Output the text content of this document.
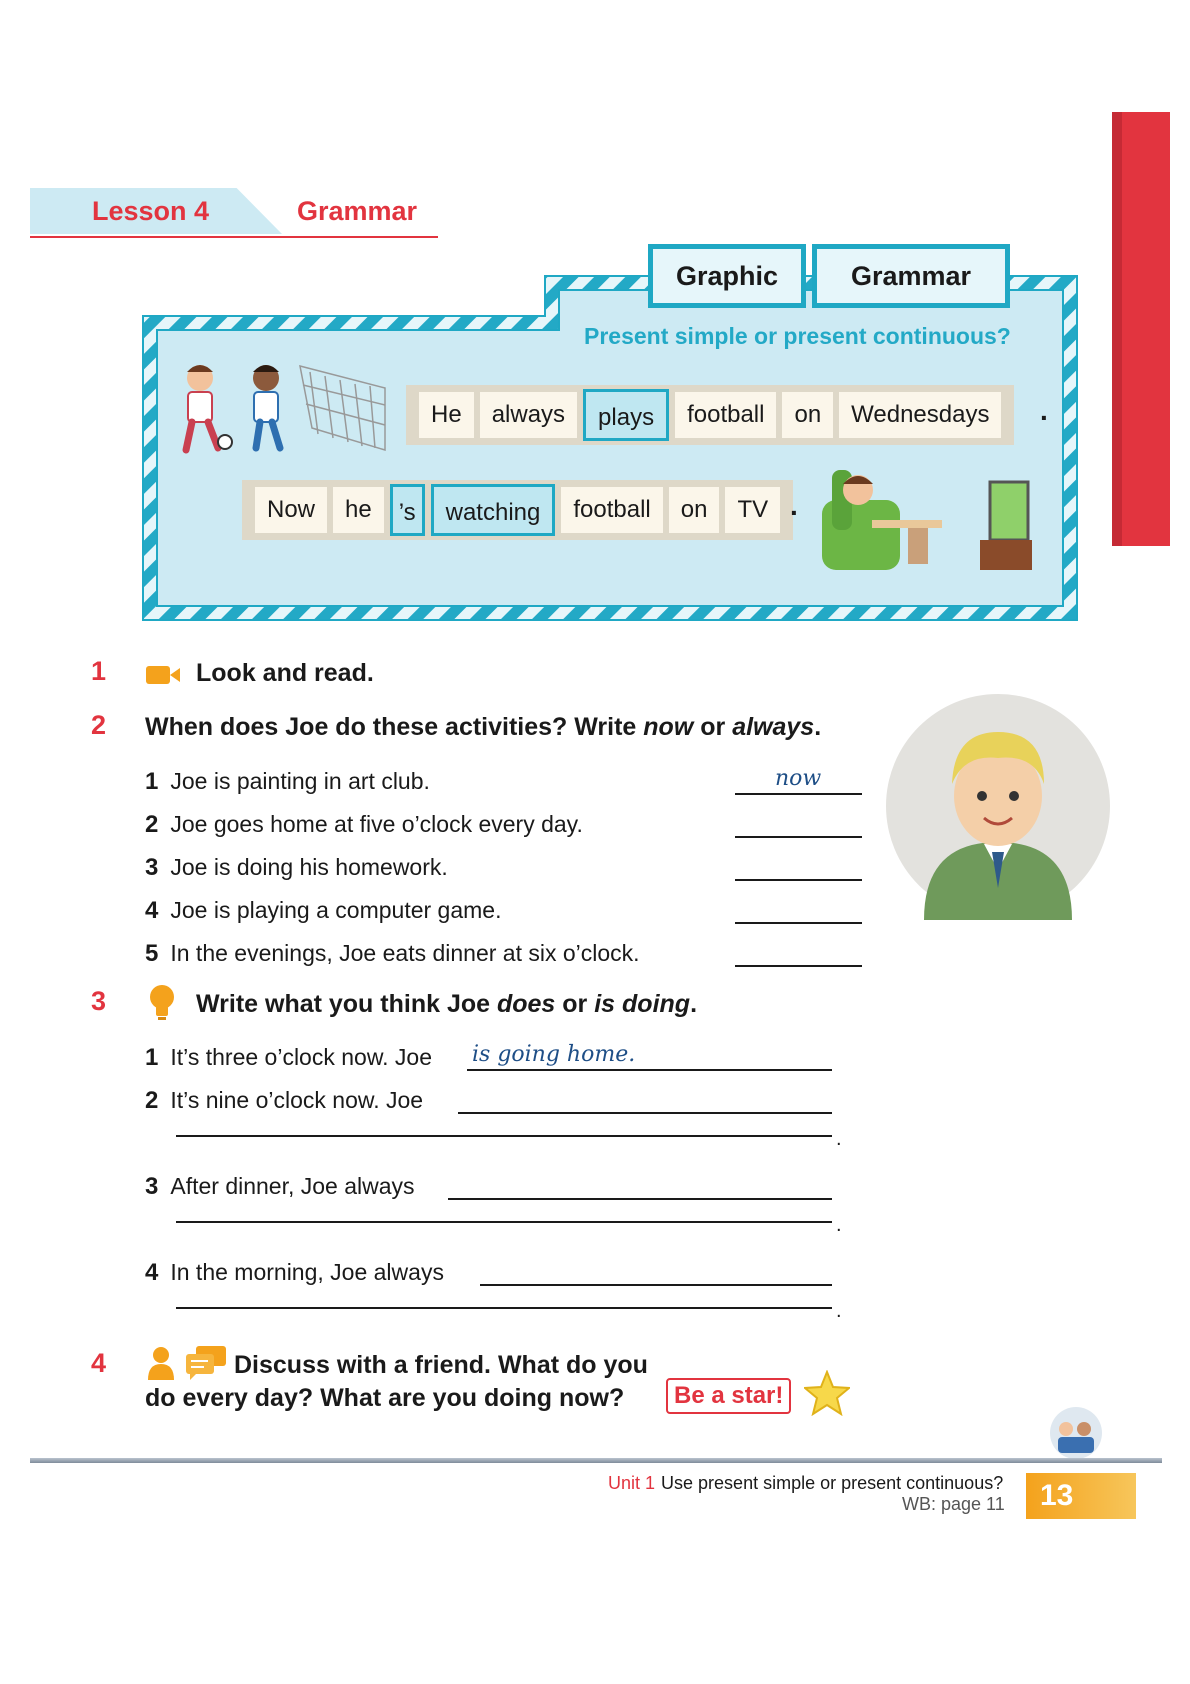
Lesson 4	Grammar
Graphic	Grammar
Present simple or present continuous?
He	always	plays	football	on	Wednesdays	.
Now	he	’s	watching	football	on	TV .
1	Look and read.
2 When does Joe do these activities? Write now or always.
1 Joe is painting in art club.	now
2 Joe goes home at five o’clock every day.
3 Joe is doing his homework.
4 Joe is playing a computer game.
5 In the evenings, Joe eats dinner at six o’clock.
3	Write what you think Joe does or is doing.
1 It’s three o’clock now. Joe is going home.
2 It’s nine o’clock now. Joe
.
3 After dinner, Joe always
.
4 In the morning, Joe always
.
4	Discuss with a friend. What do you
do every day? What are you doing now?	Be a star!
Unit 1 Use present simple or present continuous?
WB: page 11	13
